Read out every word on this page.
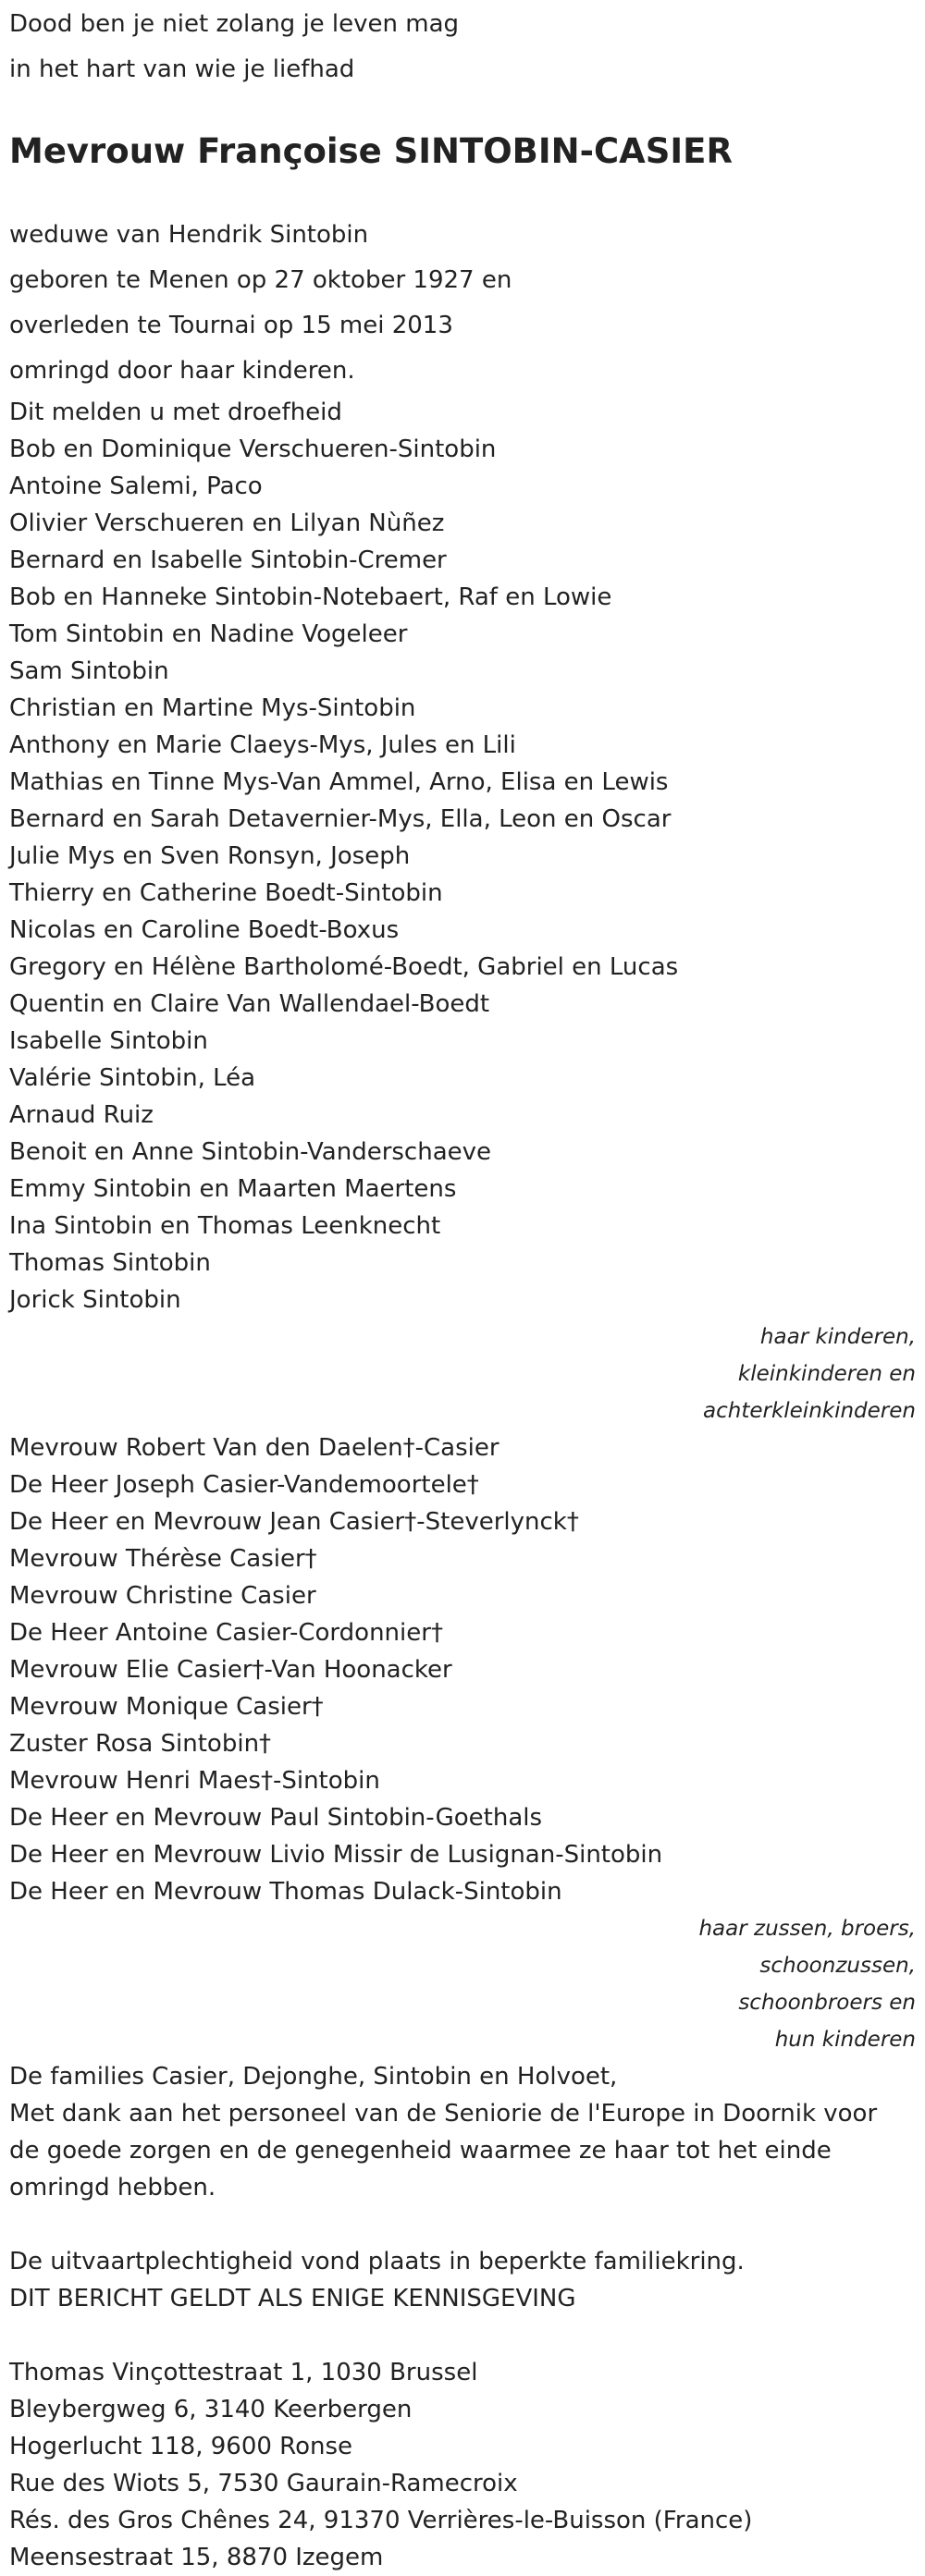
Dood ben je niet zolang je leven mag
in het hart van wie je liefhad
Mevrouw Françoise SINTOBIN-CASIER
weduwe van Hendrik Sintobin
geboren te Menen op 27 oktober 1927 en
overleden te Tournai op 15 mei 2013
omringd door haar kinderen.
Dit melden u met droefheid
Bob en Dominique Verschueren-Sintobin
Antoine Salemi, Paco
Olivier Verschueren en Lilyan Nùñez
Bernard en Isabelle Sintobin-Cremer
Bob en Hanneke Sintobin-Notebaert, Raf en Lowie
Tom Sintobin en Nadine Vogeleer
Sam Sintobin
Christian en Martine Mys-Sintobin
Anthony en Marie Claeys-Mys, Jules en Lili
Mathias en Tinne Mys-Van Ammel, Arno, Elisa en Lewis
Bernard en Sarah Detavernier-Mys, Ella, Leon en Oscar
Julie Mys en Sven Ronsyn, Joseph
Thierry en Catherine Boedt-Sintobin
Nicolas en Caroline Boedt-Boxus
Gregory en Hélène Bartholomé-Boedt, Gabriel en Lucas
Quentin en Claire Van Wallendael-Boedt
Isabelle Sintobin
Valérie Sintobin, Léa
Arnaud Ruiz
Benoit en Anne Sintobin-Vanderschaeve
Emmy Sintobin en Maarten Maertens
Ina Sintobin en Thomas Leenknecht
Thomas Sintobin
Jorick Sintobin
haar kinderen,
kleinkinderen en
achterkleinkinderen
Mevrouw Robert Van den Daelen†-Casier
De Heer Joseph Casier-Vandemoortele†
De Heer en Mevrouw Jean Casier†-Steverlynck†
Mevrouw Thérèse Casier†
Mevrouw Christine Casier
De Heer Antoine Casier-Cordonnier†
Mevrouw Elie Casier†-Van Hoonacker
Mevrouw Monique Casier†
Zuster Rosa Sintobin†
Mevrouw Henri Maes†-Sintobin
De Heer en Mevrouw Paul Sintobin-Goethals
De Heer en Mevrouw Livio Missir de Lusignan-Sintobin
De Heer en Mevrouw Thomas Dulack-Sintobin
haar zussen, broers,
schoonzussen,
schoonbroers en
hun kinderen
De families Casier, Dejonghe, Sintobin en Holvoet,
Met dank aan het personeel van de Seniorie de l'Europe in Doornik voor
de goede zorgen en de genegenheid waarmee ze haar tot het einde
omringd hebben.
De uitvaartplechtigheid vond plaats in beperkte familiekring.
DIT BERICHT GELDT ALS ENIGE KENNISGEVING
Thomas Vinçottestraat 1, 1030 Brussel
Bleybergweg 6, 3140 Keerbergen
Hogerlucht 118, 9600 Ronse
Rue des Wiots 5, 7530 Gaurain-Ramecroix
Rés. des Gros Chênes 24, 91370 Verrières-le-Buisson (France)
Meensestraat 15, 8870 Izegem
